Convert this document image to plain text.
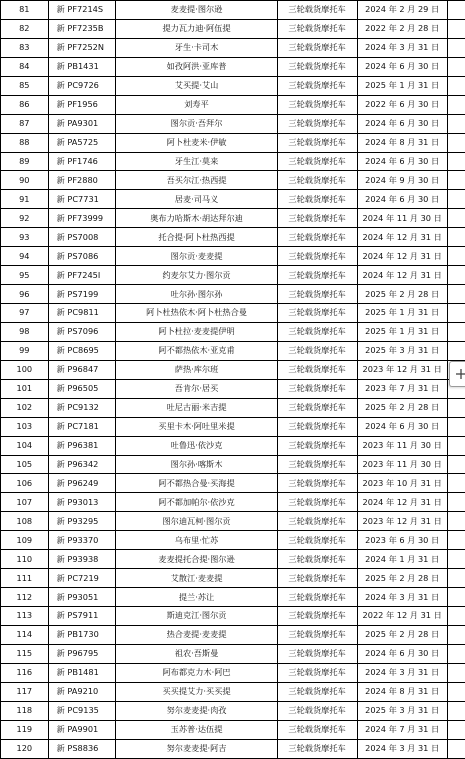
81	新 PF7214S	麦麦提·图尔逊	三轮载货摩托车	2024 年 2 月 29 日	
82	新 PF7235B	提力瓦力迪·阿伍提	三轮载货摩托车	2022 年 2 月 28 日	
83	新 PF7252N	牙生·卡司木	三轮载货摩托车	2024 年 3 月 31 日	
84	新 PB1431	如孜阿洪·亚库普	三轮载货摩托车	2024 年 6 月 30 日	
85	新 PC9726	艾买提·艾山	三轮载货摩托车	2025 年 1 月 31 日	
86	新 PF1956	刘寿平	三轮载货摩托车	2022 年 6 月 30 日	
87	新 PA9301	图尔贡·吾拜尔	三轮载货摩托车	2024 年 6 月 30 日	
88	新 PA5725	阿卜杜麦米·伊敏	三轮载货摩托车	2024 年 8 月 31 日	
89	新 PF1746	牙生江·莫来	三轮载货摩托车	2024 年 6 月 30 日	
90	新 PF2880	吾买尔江·热西提	三轮载货摩托车	2024 年 9 月 30 日	
91	新 PC7731	居麦·司马义	三轮载货摩托车	2024 年 6 月 30 日	
92	新 PF73999	奥布力哈斯木·胡达拜尔迪	三轮载货摩托车	2024 年 11 月 30 日	
93	新 PS7008	托合提·阿卜杜热西提	三轮载货摩托车	2024 年 12 月 31 日	
94	新 PS7086	图尔贡·麦麦提	三轮载货摩托车	2024 年 12 月 31 日	
95	新 PF7245I	约麦尔艾力·图尔贡	三轮载货摩托车	2024 年 12 月 31 日	
96	新 PS7199	吐尔孙·图尔孙	三轮载货摩托车	2025 年 2 月 28 日	
97	新 PC9811	阿卜杜热依木·阿卜杜热合曼	三轮载货摩托车	2025 年 1 月 31 日	
98	新 PS7096	阿卜杜拉·麦麦提伊明	三轮载货摩托车	2025 年 1 月 31 日	
99	新 PC8695	阿不都热依木·亚克甫	三轮载货摩托车	2025 年 3 月 31 日	
100	新 P96847	萨热·库尔班	三轮载货摩托车	2023 年 12 月 31 日	
101	新 P96505	吾肯尔·居买	三轮载货摩托车	2023 年 7 月 31 日	
102	新 PC9132	吐尼古丽·米吉提	三轮载货摩托车	2025 年 2 月 28 日	
103	新 PC7181	买里卡木·阿吐里米提	三轮载货摩托车	2024 年 6 月 30 日	
104	新 P96381	吐鲁迅·依沙克	三轮载货摩托车	2023 年 11 月 30 日	
105	新 P96342	图尔孙·喀斯木	三轮载货摩托车	2023 年 11 月 30 日	
106	新 P96249	阿不都热合曼·买海提	三轮载货摩托车	2023 年 10 月 31 日	
107	新 P93013	阿不都加帕尔·依沙克	三轮载货摩托车	2024 年 12 月 31 日	
108	新 P93295	图尔迪瓦柯·图尔贡	三轮载货摩托车	2023 年 12 月 31 日	
109	新 P93370	乌布里·忙苏	三轮载货摩托车	2023 年 6 月 30 日	
110	新 P93938	麦麦提托合提·图尔逊	三轮载货摩托车	2024 年 1 月 31 日	
111	新 PC7219	艾散江·麦麦提	三轮载货摩托车	2025 年 2 月 28 日	
112	新 P93051	提兰·苏让	三轮载货摩托车	2024 年 3 月 31 日	
113	新 PS7911	斯迪克江·图尔贡	三轮载货摩托车	2022 年 12 月 31 日	
114	新 PB1730	热合麦提·麦麦提	三轮载货摩托车	2025 年 2 月 28 日	
115	新 P96795	祖农·吾斯曼	三轮载货摩托车	2024 年 6 月 30 日	
116	新 PB1481	阿布都克力木·阿巴	三轮载货摩托车	2024 年 3 月 31 日	
117	新 PA9210	买买提艾力·买买提	三轮载货摩托车	2024 年 8 月 31 日	
118	新 PC9135	努尔麦麦提·肉孜	三轮载货摩托车	2025 年 3 月 31 日	
119	新 PA9901	玉苏普·达伍提	三轮载货摩托车	2024 年 7 月 31 日	
120	新 PS8836	努尔麦麦提·阿吉	三轮载货摩托车	2024 年 3 月 31 日	
